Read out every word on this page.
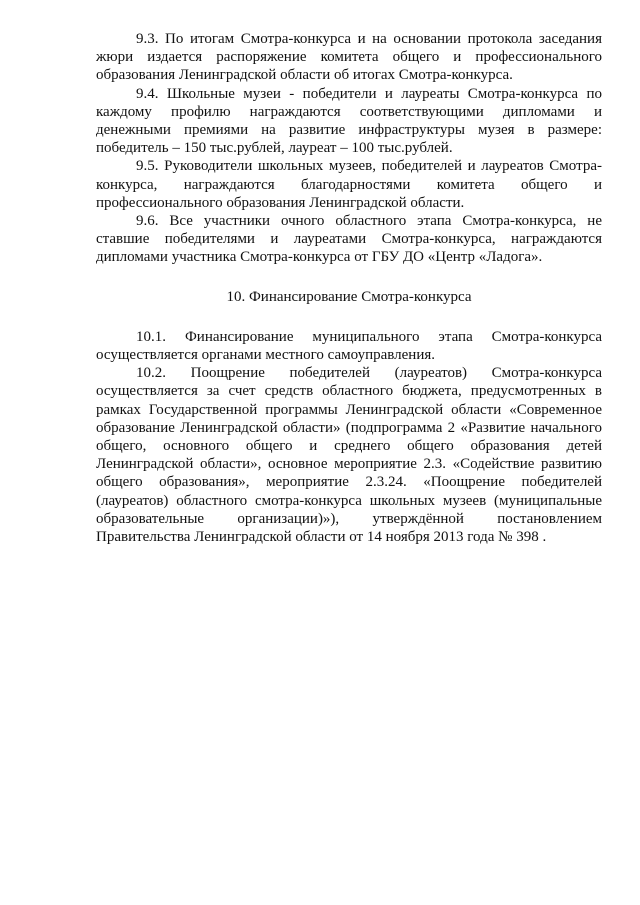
9.3. По итогам Смотра-конкурса и на основании протокола заседания жюри издается распоряжение комитета общего и профессионального образования Ленинградской области об итогах Смотра-конкурса.

9.4. Школьные музеи - победители и лауреаты Смотра-конкурса по каждому профилю награждаются соответствующими дипломами и денежными премиями на развитие инфраструктуры музея в размере: победитель – 150 тыс.рублей, лауреат – 100 тыс.рублей.

9.5. Руководители школьных музеев, победителей и лауреатов Смотра-конкурса, награждаются благодарностями комитета общего и профессионального образования Ленинградской области.

9.6. Все участники очного областного этапа Смотра-конкурса, не ставшие победителями и лауреатами Смотра-конкурса, награждаются дипломами участника Смотра-конкурса от ГБУ ДО «Центр «Ладога».

10. Финансирование Смотра-конкурса

10.1. Финансирование муниципального этапа Смотра-конкурса осуществляется органами местного самоуправления.

10.2. Поощрение победителей (лауреатов) Смотра-конкурса осуществляется за счет средств областного бюджета, предусмотренных в рамках Государственной программы Ленинградской области «Современное образование Ленинградской области» (подпрограмма 2 «Развитие начального общего, основного общего и среднего общего образования детей Ленинградской области», основное мероприятие 2.3. «Содействие развитию общего образования», мероприятие 2.3.24. «Поощрение победителей (лауреатов) областного смотра-конкурса школьных музеев (муниципальные образовательные организации)»), утверждённой постановлением Правительства Ленинградской области от 14 ноября 2013 года № 398 .
